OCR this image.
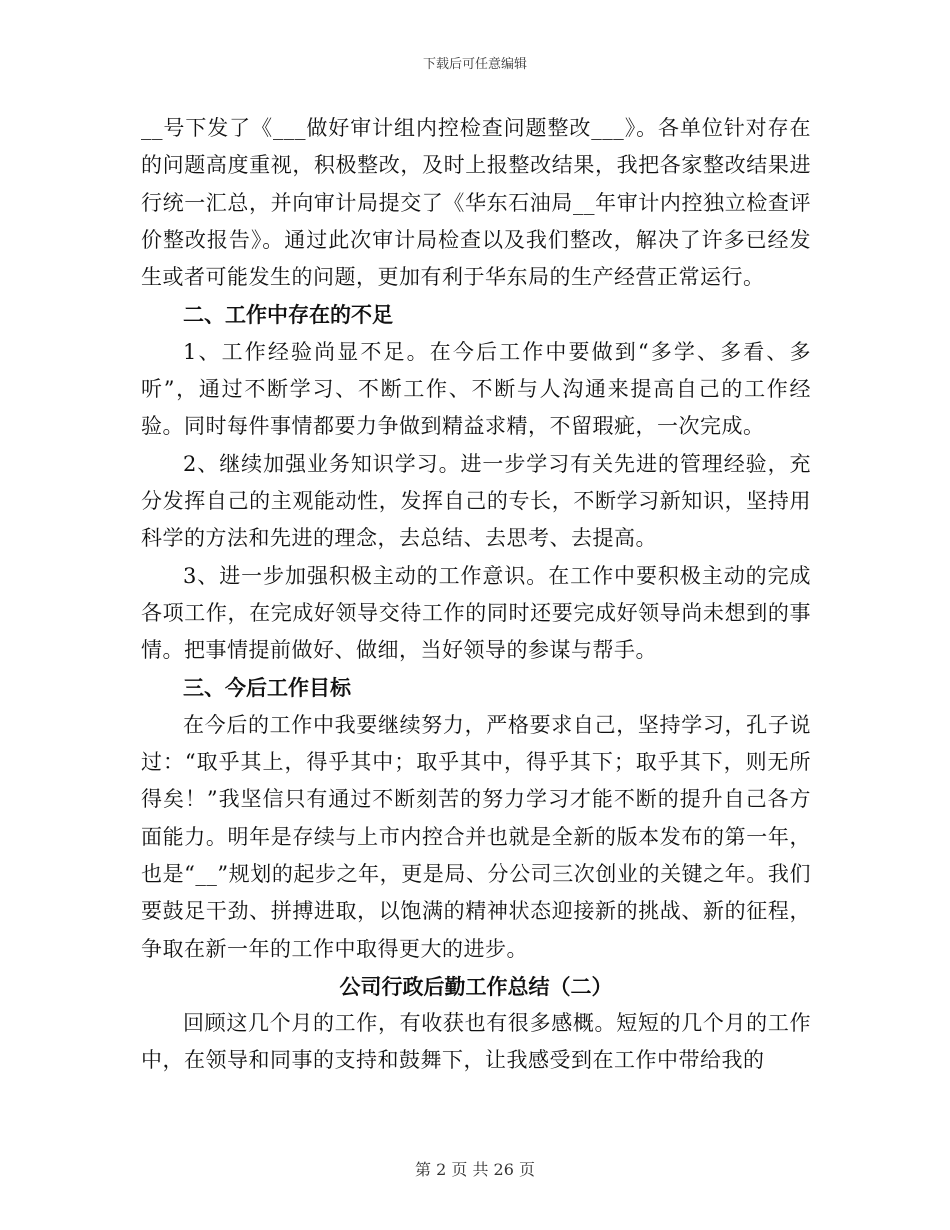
下载后可任意编辑

__号下发了《___做好审计组内控检查问题整改___》。各单位针对存在的问题高度重视，积极整改，及时上报整改结果，我把各家整改结果进行统一汇总，并向审计局提交了《华东石油局__年审计内控独立检查评价整改报告》。通过此次审计局检查以及我们整改，解决了许多已经发生或者可能发生的问题，更加有利于华东局的生产经营正常运行。

二、工作中存在的不足

1、工作经验尚显不足。在今后工作中要做到“多学、多看、多听”，通过不断学习、不断工作、不断与人沟通来提高自己的工作经验。同时每件事情都要力争做到精益求精，不留瑕疵，一次完成。

2、继续加强业务知识学习。进一步学习有关先进的管理经验，充分发挥自己的主观能动性，发挥自己的专长，不断学习新知识，坚持用科学的方法和先进的理念，去总结、去思考、去提高。

3、进一步加强积极主动的工作意识。在工作中要积极主动的完成各项工作，在完成好领导交待工作的同时还要完成好领导尚未想到的事情。把事情提前做好、做细，当好领导的参谋与帮手。

三、今后工作目标

在今后的工作中我要继续努力，严格要求自己，坚持学习，孔子说过：“取乎其上，得乎其中；取乎其中，得乎其下；取乎其下，则无所得矣！”我坚信只有通过不断刻苦的努力学习才能不断的提升自己各方面能力。明年是存续与上市内控合并也就是全新的版本发布的第一年，也是“__”规划的起步之年，更是局、分公司三次创业的关键之年。我们要鼓足干劲、拼搏进取，以饱满的精神状态迎接新的挑战、新的征程，争取在新一年的工作中取得更大的进步。

公司行政后勤工作总结（二）

回顾这几个月的工作，有收获也有很多感概。短短的几个月的工作中，在领导和同事的支持和鼓舞下，让我感受到在工作中带给我的

第 2 页 共 26 页
